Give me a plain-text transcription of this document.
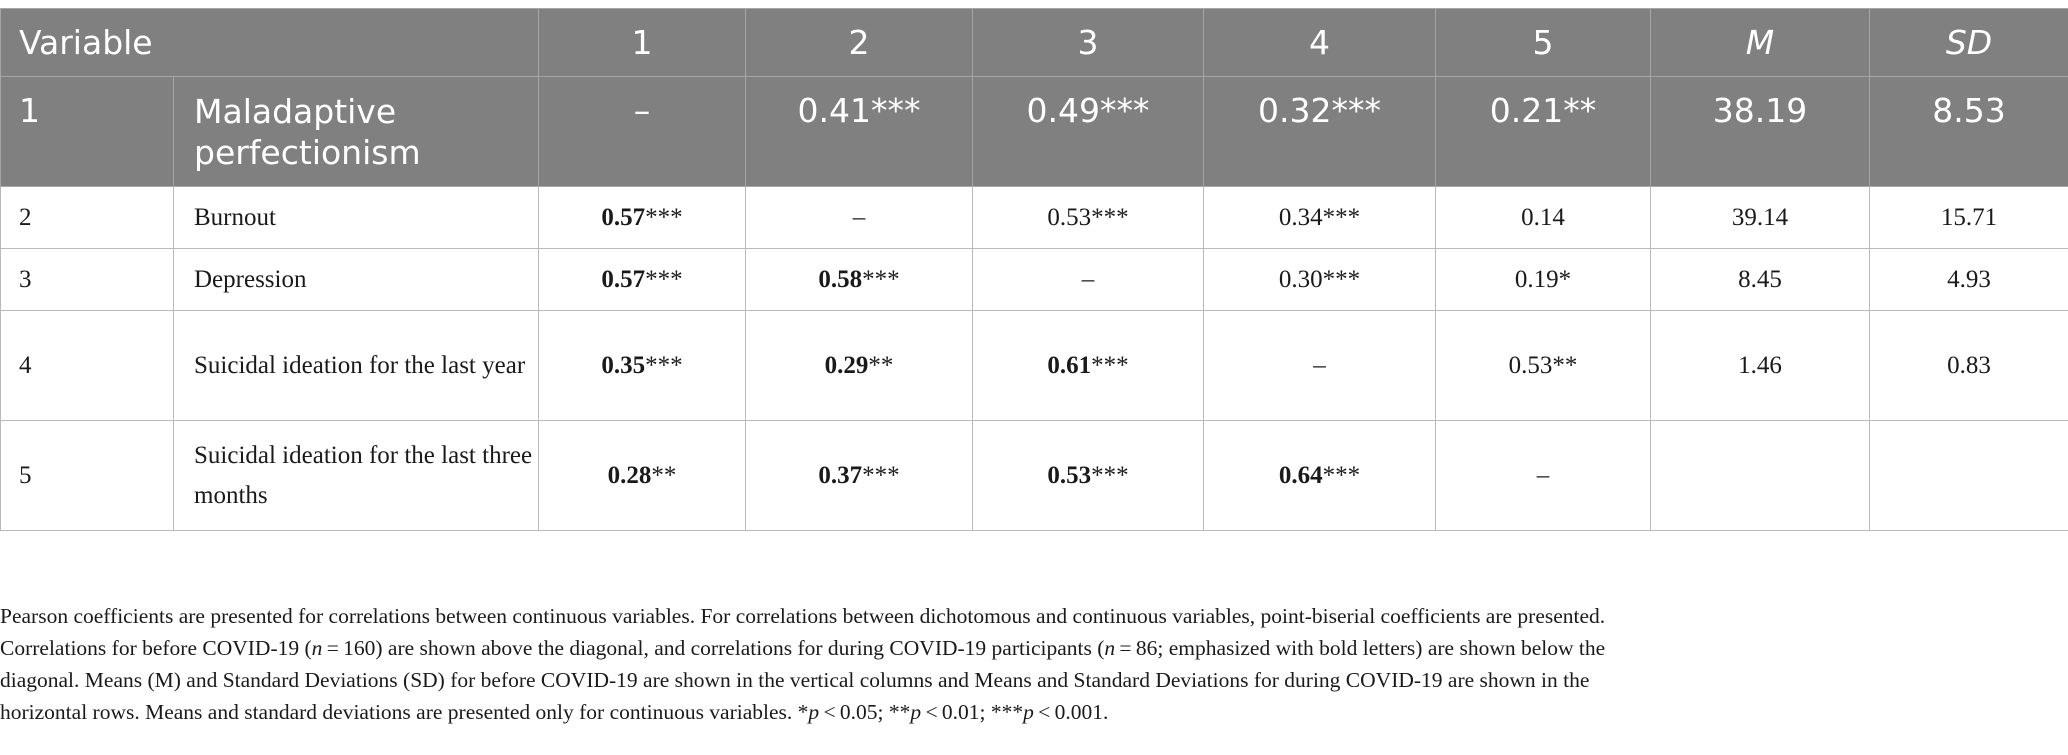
Variable		1	2	3	4	5	M	SD
1	Maladaptive perfectionism	–	0.41***	0.49***	0.32***	0.21**	38.19	8.53
2	Burnout	0.57***	–	0.53***	0.34***	0.14	39.14	15.71
3	Depression	0.57***	0.58***	–	0.30***	0.19*	8.45	4.93
4	Suicidal ideation for the last year	0.35***	0.29**	0.61***	–	0.53**	1.46	0.83
5	Suicidal ideation for the last three months	0.28**	0.37***	0.53***	0.64***	–		

Pearson coefficients are presented for correlations between continuous variables. For correlations between dichotomous and continuous variables, point-biserial coefficients are presented.

Correlations for before COVID-19 (n = 160) are shown above the diagonal, and correlations for during COVID-19 participants (n = 86; emphasized with bold letters) are shown below the

diagonal. Means (M) and Standard Deviations (SD) for before COVID-19 are shown in the vertical columns and Means and Standard Deviations for during COVID-19 are shown in the

horizontal rows. Means and standard deviations are presented only for continuous variables. *p < 0.05; **p < 0.01; ***p < 0.001.
